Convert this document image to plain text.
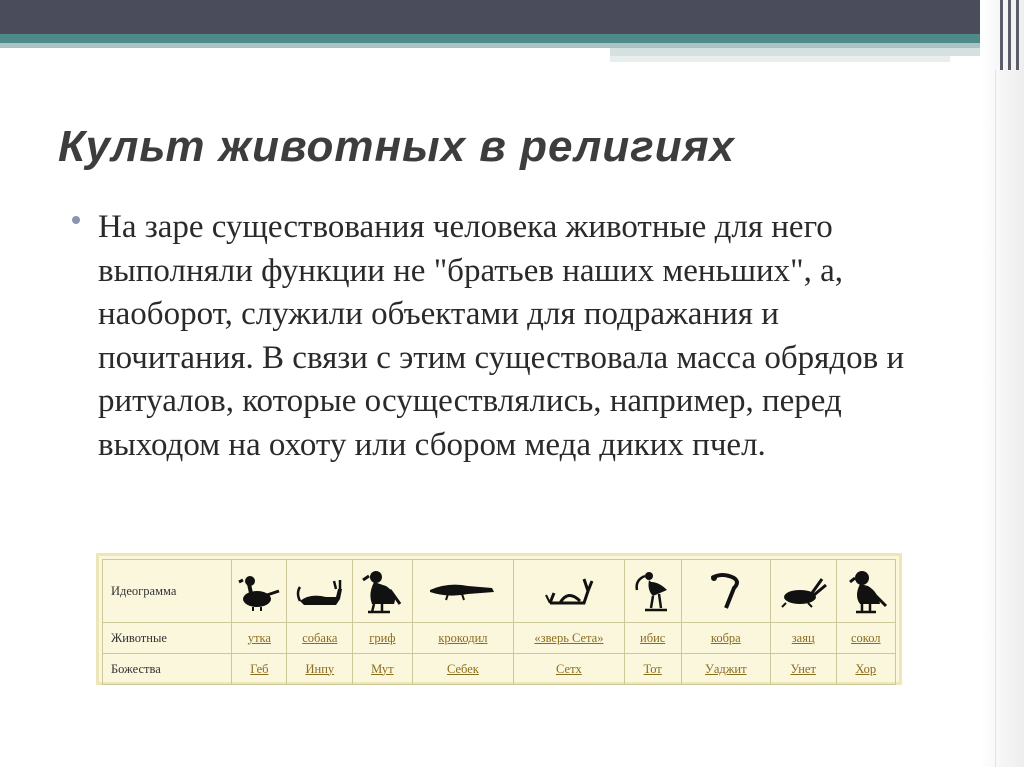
Культ животных в религиях

На заре существования человека животные для него выполняли функции не "братьев наших меньших", а, наоборот, служили объектами для подражания и почитания. В связи с этим существовала масса обрядов и ритуалов, которые осуществлялись, например, перед выходом на охоту или сбором меда диких пчел.

Идеограмма	

Животные	утка	собака	гриф	крокодил	«зверь Сета»	ибис	кобра	заяц	сокол
Божества	Геб	Инпу	Мут	Себек	Сетх	Тот	Уаджит	Унет	Хор
